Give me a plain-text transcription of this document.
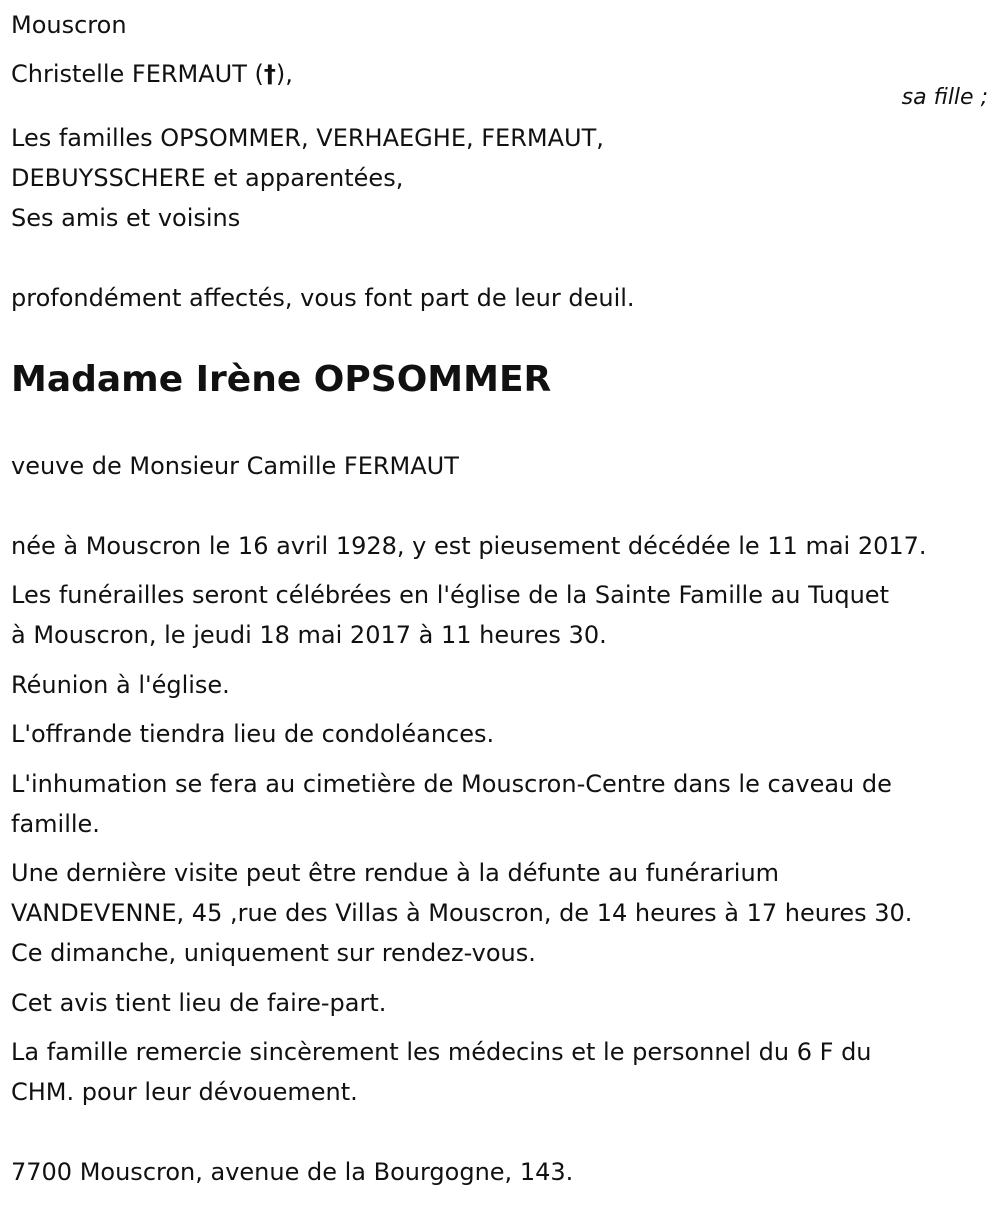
Mouscron
Christelle FERMAUT (†),
sa fille ;
Les familles OPSOMMER, VERHAEGHE, FERMAUT,
DEBUYSSCHERE et apparentées,
Ses amis et voisins
profondément affectés, vous font part de leur deuil.
Madame Irène OPSOMMER
veuve de Monsieur Camille FERMAUT
née à Mouscron le 16 avril 1928, y est pieusement décédée le 11 mai 2017.
Les funérailles seront célébrées en l'église de la Sainte Famille au Tuquet
à Mouscron, le jeudi 18 mai 2017 à 11 heures 30.
Réunion à l'église.
L'offrande tiendra lieu de condoléances.
L'inhumation se fera au cimetière de Mouscron-Centre dans le caveau de
famille.
Une dernière visite peut être rendue à la défunte au funérarium
VANDEVENNE, 45 ,rue des Villas à Mouscron, de 14 heures à 17 heures 30.
Ce dimanche, uniquement sur rendez-vous.
Cet avis tient lieu de faire-part.
La famille remercie sincèrement les médecins et le personnel du 6 F du
CHM. pour leur dévouement.
7700 Mouscron, avenue de la Bourgogne, 143.
